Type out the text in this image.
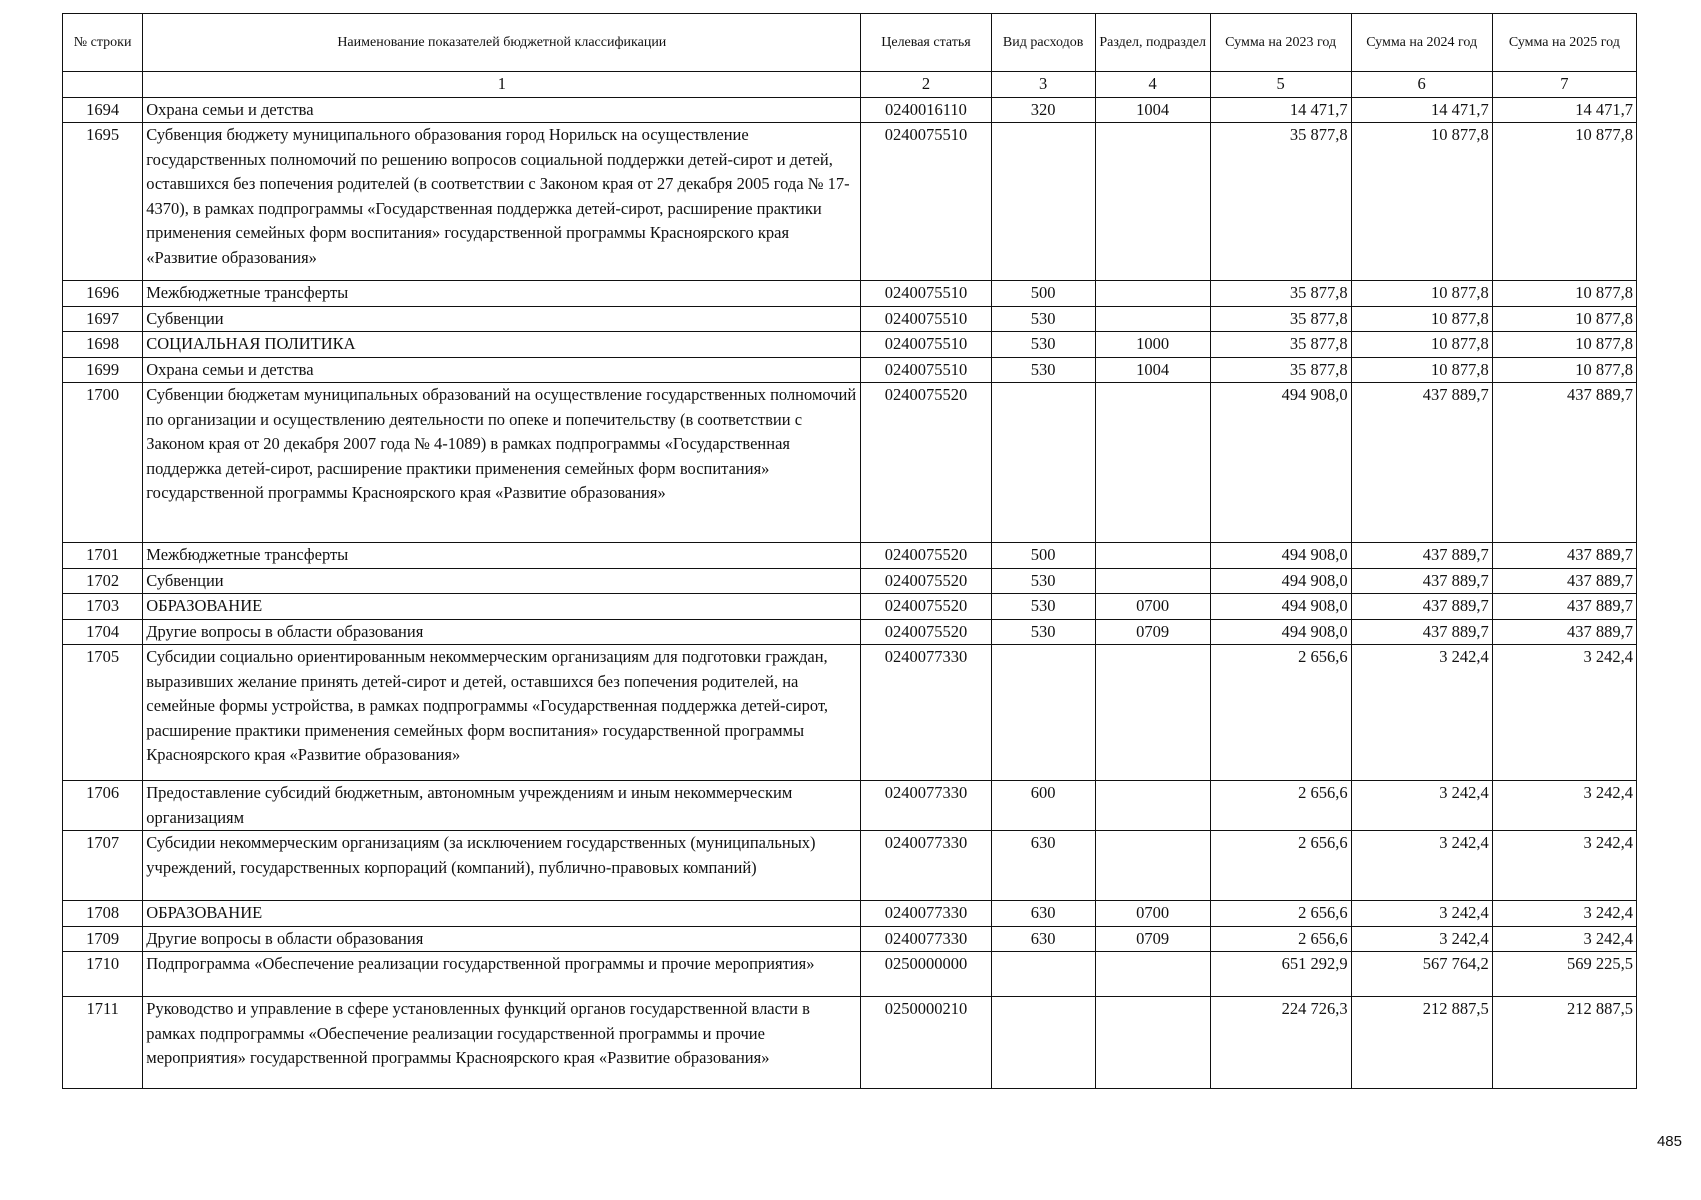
№ строки	Наименование показателей бюджетной классификации	Целевая статья	Вид расходов	Раздел, подраздел	Сумма на 2023 год	Сумма на 2024 год	Сумма на 2025 год
	1	2	3	4	5	6	7
1694	Охрана семьи и детства	0240016110	320	1004	14 471,7	14 471,7	14 471,7
1695	Субвенция бюджету муниципального образования город Норильск на осуществление государственных полномочий по решению вопросов социальной поддержки детей-сирот и детей, оставшихся без попечения родителей (в соответствии с Законом края от 27 декабря 2005 года № 17-4370), в рамках подпрограммы «Государственная поддержка детей-сирот, расширение практики применения семейных форм воспитания» государственной программы Красноярского края «Развитие образования»	0240075510			35 877,8	10 877,8	10 877,8
1696	Межбюджетные трансферты	0240075510	500		35 877,8	10 877,8	10 877,8
1697	Субвенции	0240075510	530		35 877,8	10 877,8	10 877,8
1698	СОЦИАЛЬНАЯ ПОЛИТИКА	0240075510	530	1000	35 877,8	10 877,8	10 877,8
1699	Охрана семьи и детства	0240075510	530	1004	35 877,8	10 877,8	10 877,8
1700	Субвенции бюджетам муниципальных образований на осуществление государственных полномочий по организации и осуществлению деятельности по опеке и попечительству (в соответствии с Законом края от 20 декабря 2007 года № 4-1089) в рамках подпрограммы «Государственная поддержка детей-сирот, расширение практики применения семейных форм воспитания» государственной программы Красноярского края «Развитие образования»	0240075520			494 908,0	437 889,7	437 889,7
1701	Межбюджетные трансферты	0240075520	500		494 908,0	437 889,7	437 889,7
1702	Субвенции	0240075520	530		494 908,0	437 889,7	437 889,7
1703	ОБРАЗОВАНИЕ	0240075520	530	0700	494 908,0	437 889,7	437 889,7
1704	Другие вопросы в области образования	0240075520	530	0709	494 908,0	437 889,7	437 889,7
1705	Субсидии социально ориентированным некоммерческим организациям для подготовки граждан, выразивших желание принять детей-сирот и детей, оставшихся без попечения родителей, на семейные формы устройства, в рамках подпрограммы «Государственная поддержка детей-сирот, расширение практики применения семейных форм воспитания» государственной программы Красноярского края «Развитие образования»	0240077330			2 656,6	3 242,4	3 242,4
1706	Предоставление субсидий бюджетным, автономным учреждениям и иным некоммерческим организациям	0240077330	600		2 656,6	3 242,4	3 242,4
1707	Субсидии некоммерческим организациям (за исключением государственных (муниципальных) учреждений, государственных корпораций (компаний), публично-правовых компаний)	0240077330	630		2 656,6	3 242,4	3 242,4
1708	ОБРАЗОВАНИЕ	0240077330	630	0700	2 656,6	3 242,4	3 242,4
1709	Другие вопросы в области образования	0240077330	630	0709	2 656,6	3 242,4	3 242,4
1710	Подпрограмма «Обеспечение реализации государственной программы и прочие мероприятия»	0250000000			651 292,9	567 764,2	569 225,5
1711	Руководство и управление в сфере установленных функций органов государственной власти в рамках подпрограммы «Обеспечение реализации государственной программы и прочие мероприятия» государственной программы Красноярского края «Развитие образования»	0250000210			224 726,3	212 887,5	212 887,5
485
